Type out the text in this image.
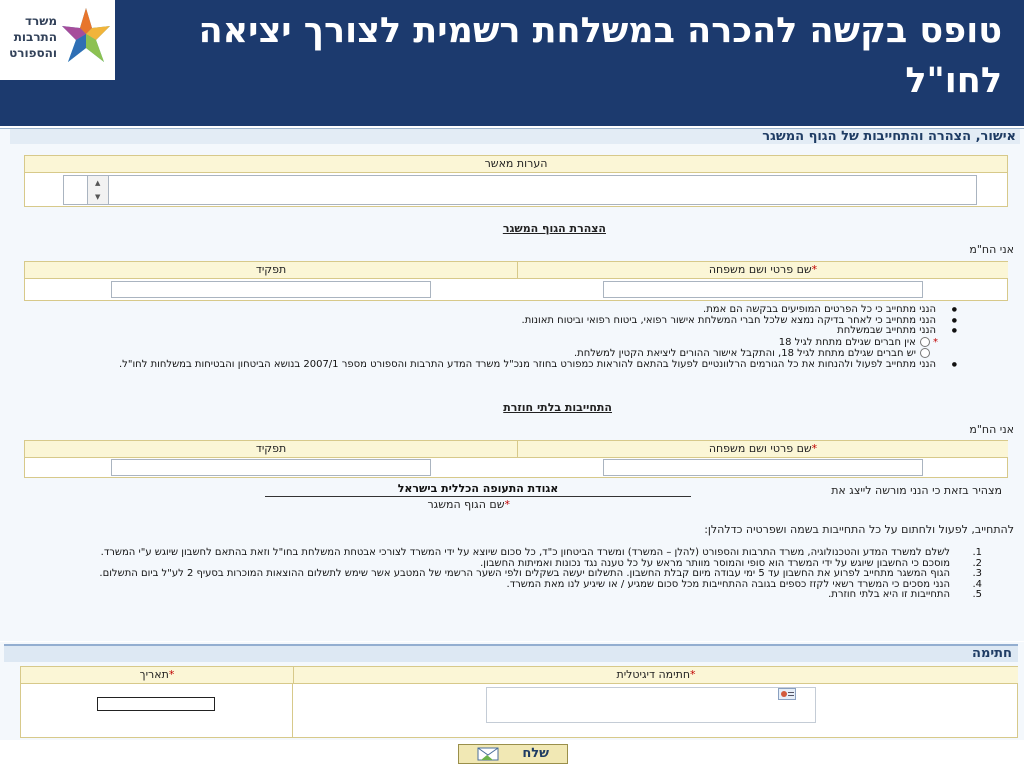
משרד
התרבות
והספורט
טופס בקשה להכרה במשלחת רשמית לצורך יציאה לחו"ל
אישור, הצהרה והתחייבות של הגוף המשגר
הערות מאשר
▲
▼
הצהרת הגוף המשגר
אני הח"מ
*שם פרטי ושם משפחה
תפקיד
● הנני מתחייב כי כל הפרטים המופיעים בבקשה הם אמת.
● הנני מתחייב כי לאחר בדיקה נמצא שלכל חברי המשלחת אישור רפואי, ביטוח רפואי וביטוח תאונות.
● הנני מתחייב שבמשלחת
* אין חברים שגילם מתחת לגיל 18
יש חברים שגילם מתחת לגיל 18, והתקבל אישור ההורים ליציאת הקטין למשלחת.
● הנני מתחייב לפעול ולהנחות את כל הגורמים הרלוונטיים לפעול בהתאם להוראות כמפורט בחוזר מנכ"ל משרד המדע התרבות והספורט מספר 2007/1 בנושא הביטחון והבטיחות במשלחות לחו"ל.
התחייבות בלתי חוזרת
אני הח"מ
*שם פרטי ושם משפחה
תפקיד
מצהיר בזאת כי הנני מורשה לייצג את
אגודת התעופה הכללית בישראל
*שם הגוף המשגר
להתחייב, לפעול ולחתום על כל התחייבות בשמה ושפרטיה כדלהלן:
1.
לשלם למשרד המדע והטכנולוגיה, משרד התרבות והספורט (להלן – המשרד) ומשרד הביטחון כ"ד, כל סכום שיוצא על ידי המשרד לצורכי אבטחת המשלחת בחו"ל וזאת בהתאם לחשבון שיוגש ע"י המשרד.
2.
מוסכם כי החשבון שיוגש על ידי המשרד הוא סופי והמוסר מוותר מראש על כל טענה נגד נכונות ואמיתות החשבון.
3.
הגוף המשגר מתחייב לפרוע את החשבון עד 5 ימי עבודה מיום קבלת החשבון. התשלום יעשה בשקלים ולפי השער הרשמי של המטבע אשר שימש לתשלום ההוצאות המוכרות בסעיף 2 לע"ל ביום התשלום.
4.
הנני מסכים כי המשרד רשאי לקזז כספים בגובה ההתחייבות מכל סכום שמגיע / או שיגיע לנו מאת המשרד.
5.
התחייבות זו היא בלתי חוזרת.
חתימה
*חתימה דיגיטלית
*תאריך
שלח
